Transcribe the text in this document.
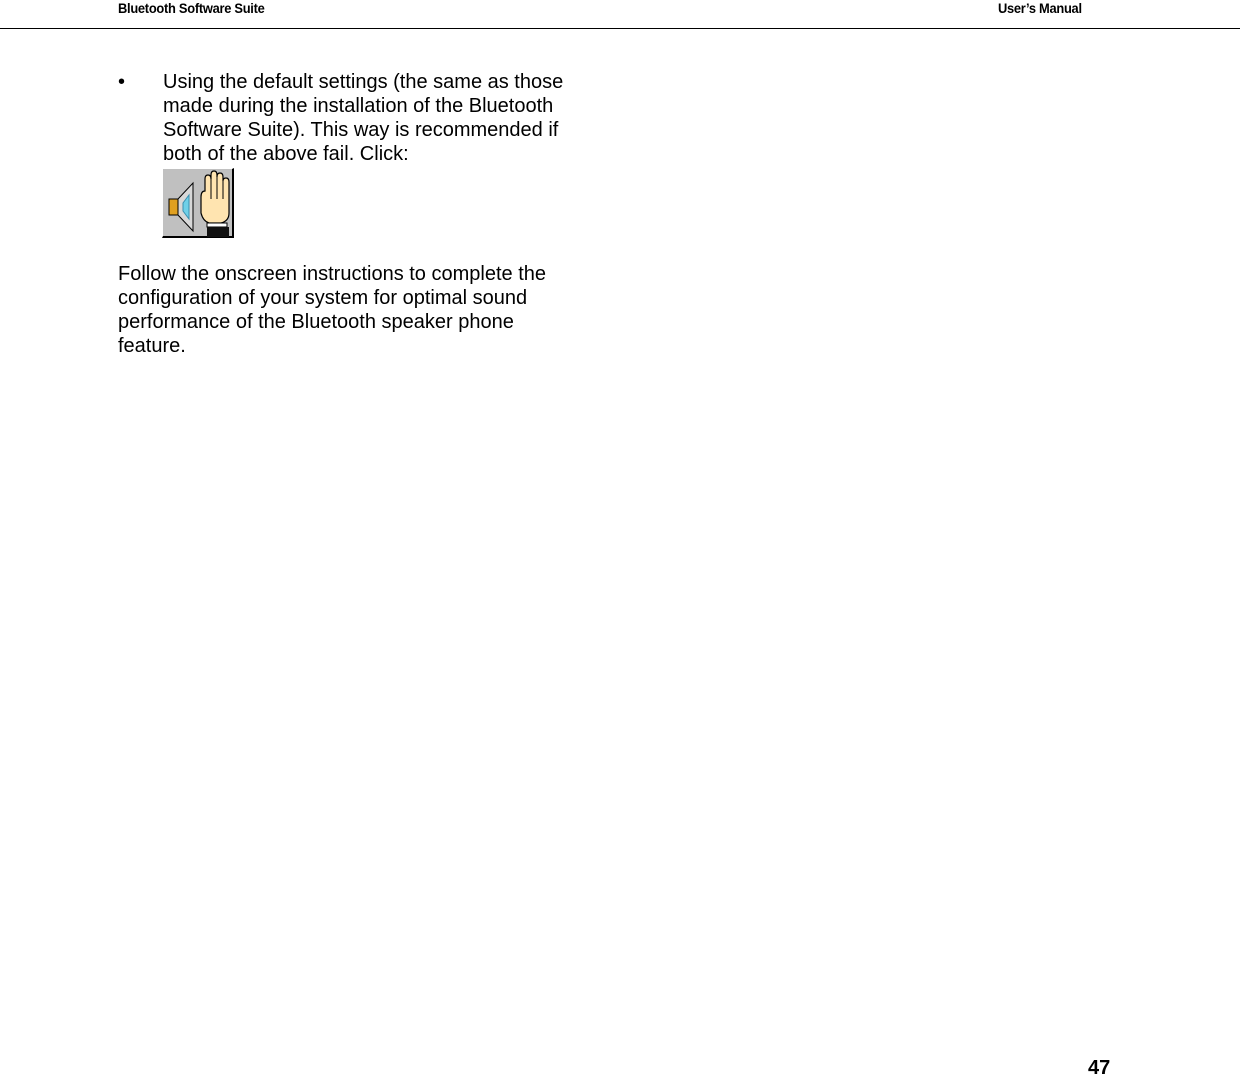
Bluetooth Software Suite	User’s Manual
• Using the default settings (the same as those made during the installation of the Bluetooth Software Suite). This way is recommended if both of the above fail. Click:
Follow the onscreen instructions to complete the configuration of your system for optimal sound performance of the Bluetooth speaker phone feature.
47
